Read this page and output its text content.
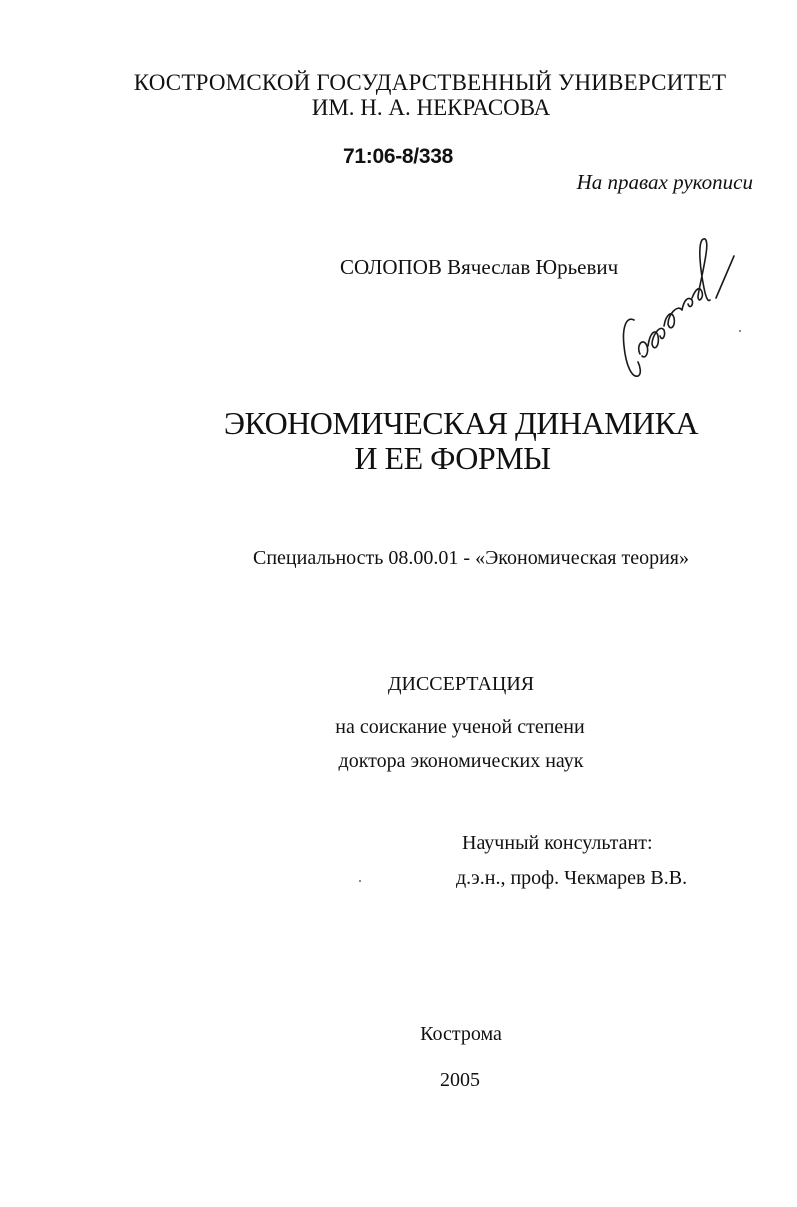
КОСТРОМСКОЙ ГОСУДАРСТВЕННЫЙ УНИВЕРСИТЕТ
ИМ. Н. А. НЕКРАСОВА
71:06-8/338
На правах рукописи
СОЛОПОВ Вячеслав Юрьевич
ЭКОНОМИЧЕСКАЯ ДИНАМИКА
И ЕЕ ФОРМЫ
Специальность 08.00.01 - «Экономическая теория»
ДИССЕРТАЦИЯ
на соискание ученой степени
доктора экономических наук
Научный консультант:
д.э.н., проф. Чекмарев В.В.
Кострома
2005
